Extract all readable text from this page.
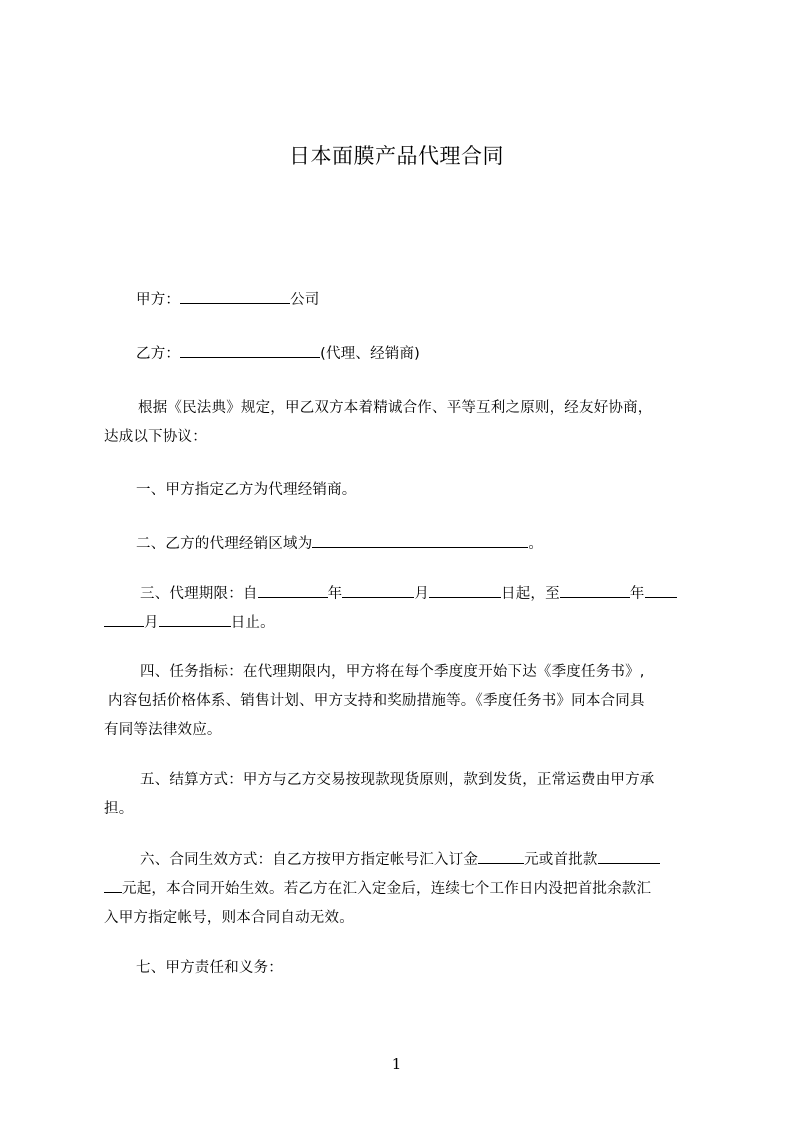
日本面膜产品代理合同
甲方：	公司
乙方：	(代理、经销商)
根据《民法典》规定，甲乙双方本着精诚合作、平等互利之原则，经友好协商，
达成以下协议：
一、甲方指定乙方为代理经销商。
二、乙方的代理经销区域为	。
三、代理期限：自	年	月	日起，至	年
月	日止。
四、任务指标：在代理期限内，甲方将在每个季度度开始下达《季度任务书》,
内容包括价格体系、销售计划、甲方支持和奖励措施等。《季度任务书》同本合同具
有同等法律效应。
五、结算方式：甲方与乙方交易按现款现货原则，款到发货，正常运费由甲方承
担。
六、合同生效方式：自乙方按甲方指定帐号汇入订金	元或首批款
元起，本合同开始生效。若乙方在汇入定金后，连续七个工作日内没把首批余款汇
入甲方指定帐号，则本合同自动无效。
七、甲方责任和义务：
1
